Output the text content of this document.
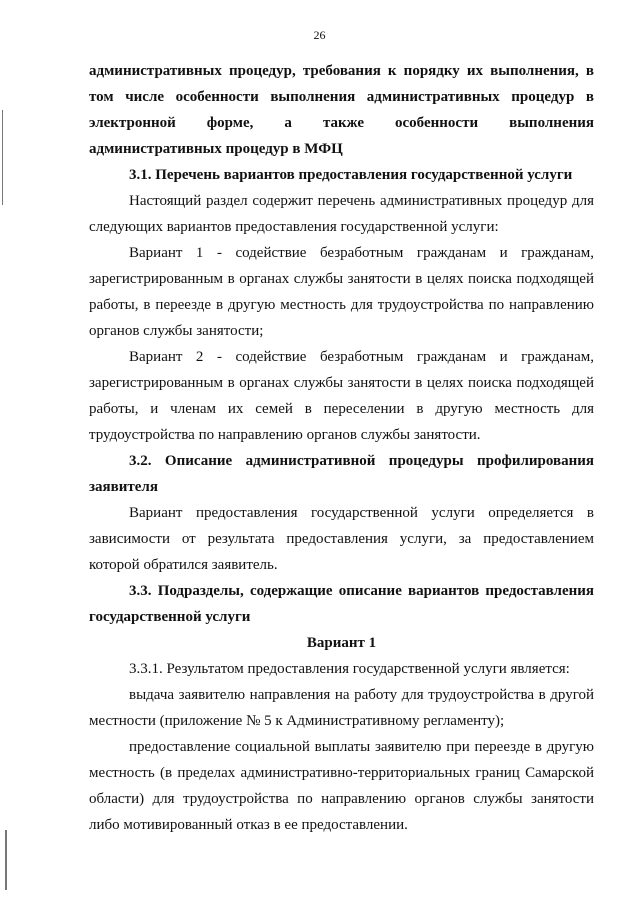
26

административных процедур, требования к порядку их выполнения, в

том числе особенности выполнения административных процедур в

электронной форме, а также особенности выполнения

административных процедур в МФЦ

3.1. Перечень вариантов предоставления государственной услуги

Настоящий раздел содержит перечень административных процедур для следующих вариантов предоставления государственной услуги:

Вариант 1 - содействие безработным гражданам и гражданам, зарегистрированным в органах службы занятости в целях поиска подходящей работы, в переезде в другую местность для трудоустройства по направлению органов службы занятости;

Вариант 2 - содействие безработным гражданам и гражданам, зарегистрированным в органах службы занятости в целях поиска подходящей работы, и членам их семей в переселении в другую местность для трудоустройства по направлению органов службы занятости.

3.2. Описание административной процедуры профилирования заявителя

Вариант предоставления государственной услуги определяется в зависимости от результата предоставления услуги, за предоставлением которой обратился заявитель.

3.3. Подразделы, содержащие описание вариантов предоставления государственной услуги

Вариант 1

3.3.1. Результатом предоставления государственной услуги является:

выдача заявителю направления на работу для трудоустройства в другой местности (приложение № 5 к Административному регламенту);

предоставление социальной выплаты заявителю при переезде в другую местность (в пределах административно-территориальных границ Самарской области) для трудоустройства по направлению органов службы занятости либо мотивированный отказ в ее предоставлении.
